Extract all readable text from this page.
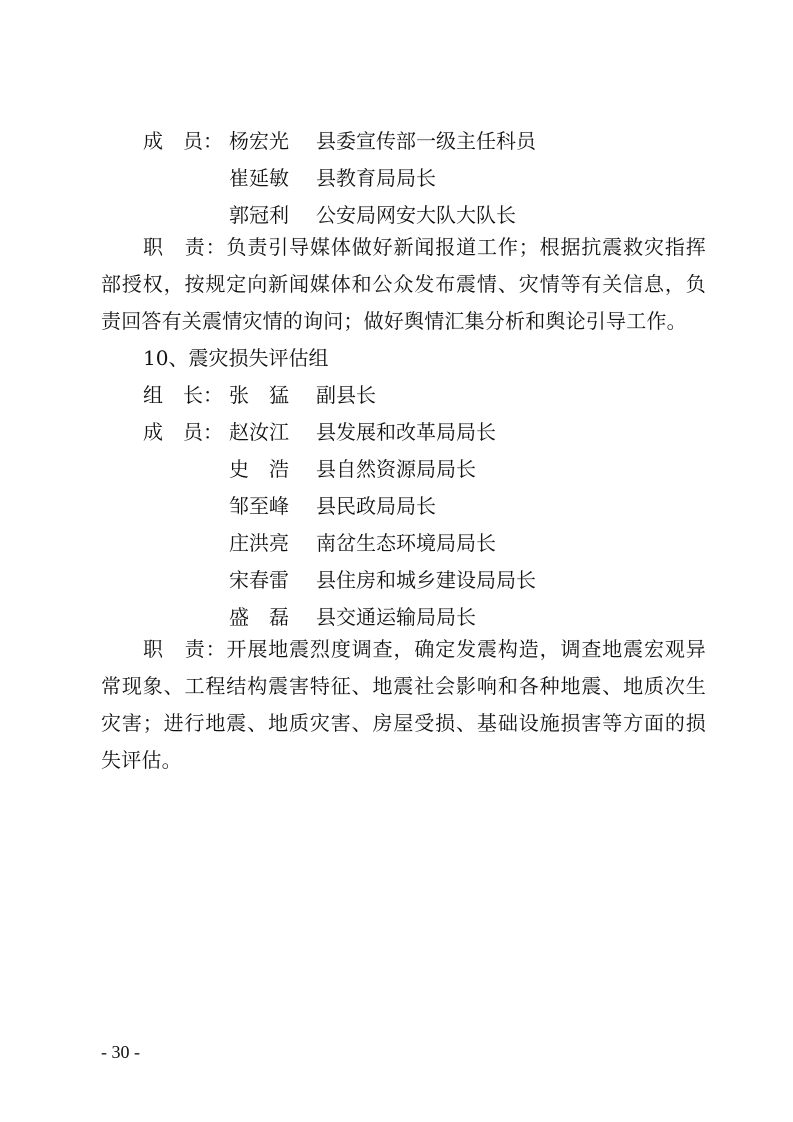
成　员： 杨宏光 县委宣传部一级主任科员
崔延敏 县教育局局长
郭冠利 公安局网安大队大队长
职　责：负责引导媒体做好新闻报道工作；根据抗震救灾指挥部授权，按规定向新闻媒体和公众发布震情、灾情等有关信息，负责回答有关震情灾情的询问；做好舆情汇集分析和舆论引导工作。
10、震灾损失评估组
组　长： 张　猛 副县长
成　员： 赵汝江 县发展和改革局局长
史　浩 县自然资源局局长
邹至峰 县民政局局长
庄洪亮 南岔生态环境局局长
宋春雷 县住房和城乡建设局局长
盛　磊 县交通运输局局长
职　责：开展地震烈度调查，确定发震构造，调查地震宏观异常现象、工程结构震害特征、地震社会影响和各种地震、地质次生灾害；进行地震、地质灾害、房屋受损、基础设施损害等方面的损失评估。
- 30 -
